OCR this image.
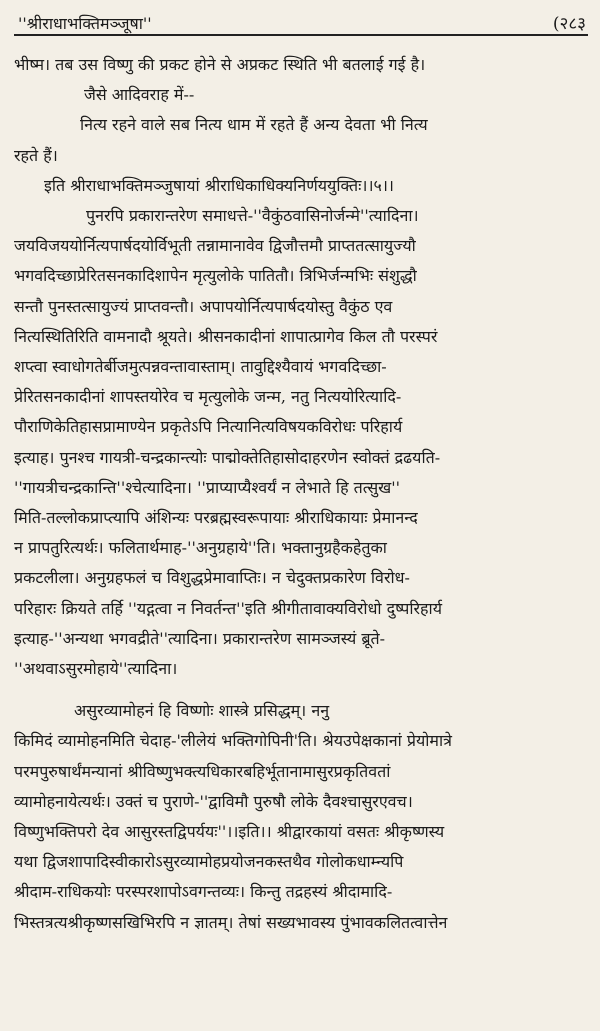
''श्रीराधाभक्तिमञ्जूषा''	(२८३
भीष्म। तब उस विष्णु की प्रकट होने से अप्रकट स्थिति भी बतलाई गई है।
जैसे आदिवराह में--
नित्य रहने वाले सब नित्य धाम में रहते हैं अन्य देवता भी नित्य
रहते हैं।
इति श्रीराधाभक्तिमञ्जुषायां श्रीराधिकाधिक्यनिर्णययुक्तिः।।५।।
पुनरपि प्रकारान्तरेण समाधत्ते-''वैकुंठवासिनोर्जन्मे''त्यादिना।
जयविजययोर्नित्यपार्षदयोर्विभूती तन्नामानावेव द्विजौत्तमौ प्राप्ततत्सायुज्यौ
भगवदिच्छाप्रेरितसनकादिशापेन मृत्युलोके पातितौ। त्रिभिर्जन्मभिः संशुद्धौ
सन्तौ पुनस्तत्सायुज्यं प्राप्तवन्तौ। अपापयोर्नित्यपार्षदयोस्तु वैकुंठ एव
नित्यस्थितिरिति वामनादौ श्रूयते। श्रीसनकादीनां शापात्प्रागेव किल तौ परस्परं
शप्त्वा स्वाधोगतेर्बीजमुत्पन्नवन्तावास्ताम्। तावुद्दिश्यैवायं भगवदिच्छा-
प्रेरितसनकादीनां शापस्तयोरेव च मृत्युलोके जन्म, नतु नित्ययोरित्यादि-
पौराणिकेतिहासप्रामाण्येन प्रकृतेऽपि नित्यानित्यविषयकविरोधः परिहार्य
इत्याह। पुनश्च गायत्री-चन्द्रकान्त्योः पाद्मोक्तेतिहासोदाहरणेन स्वोक्तं द्रढयति-
''गायत्रीचन्द्रकान्ति''श्चेत्यादिना। ''प्राप्याप्यैश्वर्यं न लेभाते हि तत्सुख''
मिति-तल्लोकप्राप्त्यापि अंशिन्यः परब्रह्मस्वरूपायाः श्रीराधिकायाः प्रेमानन्द
न प्रापतुरित्यर्थः। फलितार्थमाह-''अनुग्रहाये''ति। भक्तानुग्रहैकहेतुका
प्रकटलीला। अनुग्रहफलं च विशुद्धप्रेमावाप्तिः। न चेदुक्तप्रकारेण विरोध-
परिहारः क्रियते तर्हि ''यद्गत्वा न निवर्तन्त''इति श्रीगीतावाक्यविरोधो दुष्परिहार्य
इत्याह-''अन्यथा भगवद्रीते''त्यादिना। प्रकारान्तरेण सामञ्जस्यं ब्रूते-
''अथवाऽसुरमोहाये''त्यादिना।
असुरव्यामोहनं हि विष्णोः शास्त्रे प्रसिद्धम्। ननु
किमिदं व्यामोहनमिति चेदाह-'लीलेयं भक्तिगोपिनी'ति। श्रेयउपेक्षकानां प्रेयोमात्रे
परमपुरुषार्थंमन्यानां श्रीविष्णुभक्त्यधिकारबहिर्भूतानामासुरप्रकृतिवतां
व्यामोहनायेत्यर्थः। उक्तं च पुराणे-''द्वाविमौ पुरुषौ लोके दैवश्चासुरएवच।
विष्णुभक्तिपरो देव आसुरस्तद्विपर्ययः''।।इति।। श्रीद्वारकायां वसतः श्रीकृष्णस्य
यथा द्विजशापादिस्वीकारोऽसुरव्यामोहप्रयोजनकस्तथैव गोलोकधाम्न्यपि
श्रीदाम-राधिकयोः परस्परशापोऽवगन्तव्यः। किन्तु तद्रहस्यं श्रीदामादि-
भिस्तत्रत्यश्रीकृष्णसखिभिरपि न ज्ञातम्। तेषां सख्यभावस्य पुंभावकलितत्वात्तेन
